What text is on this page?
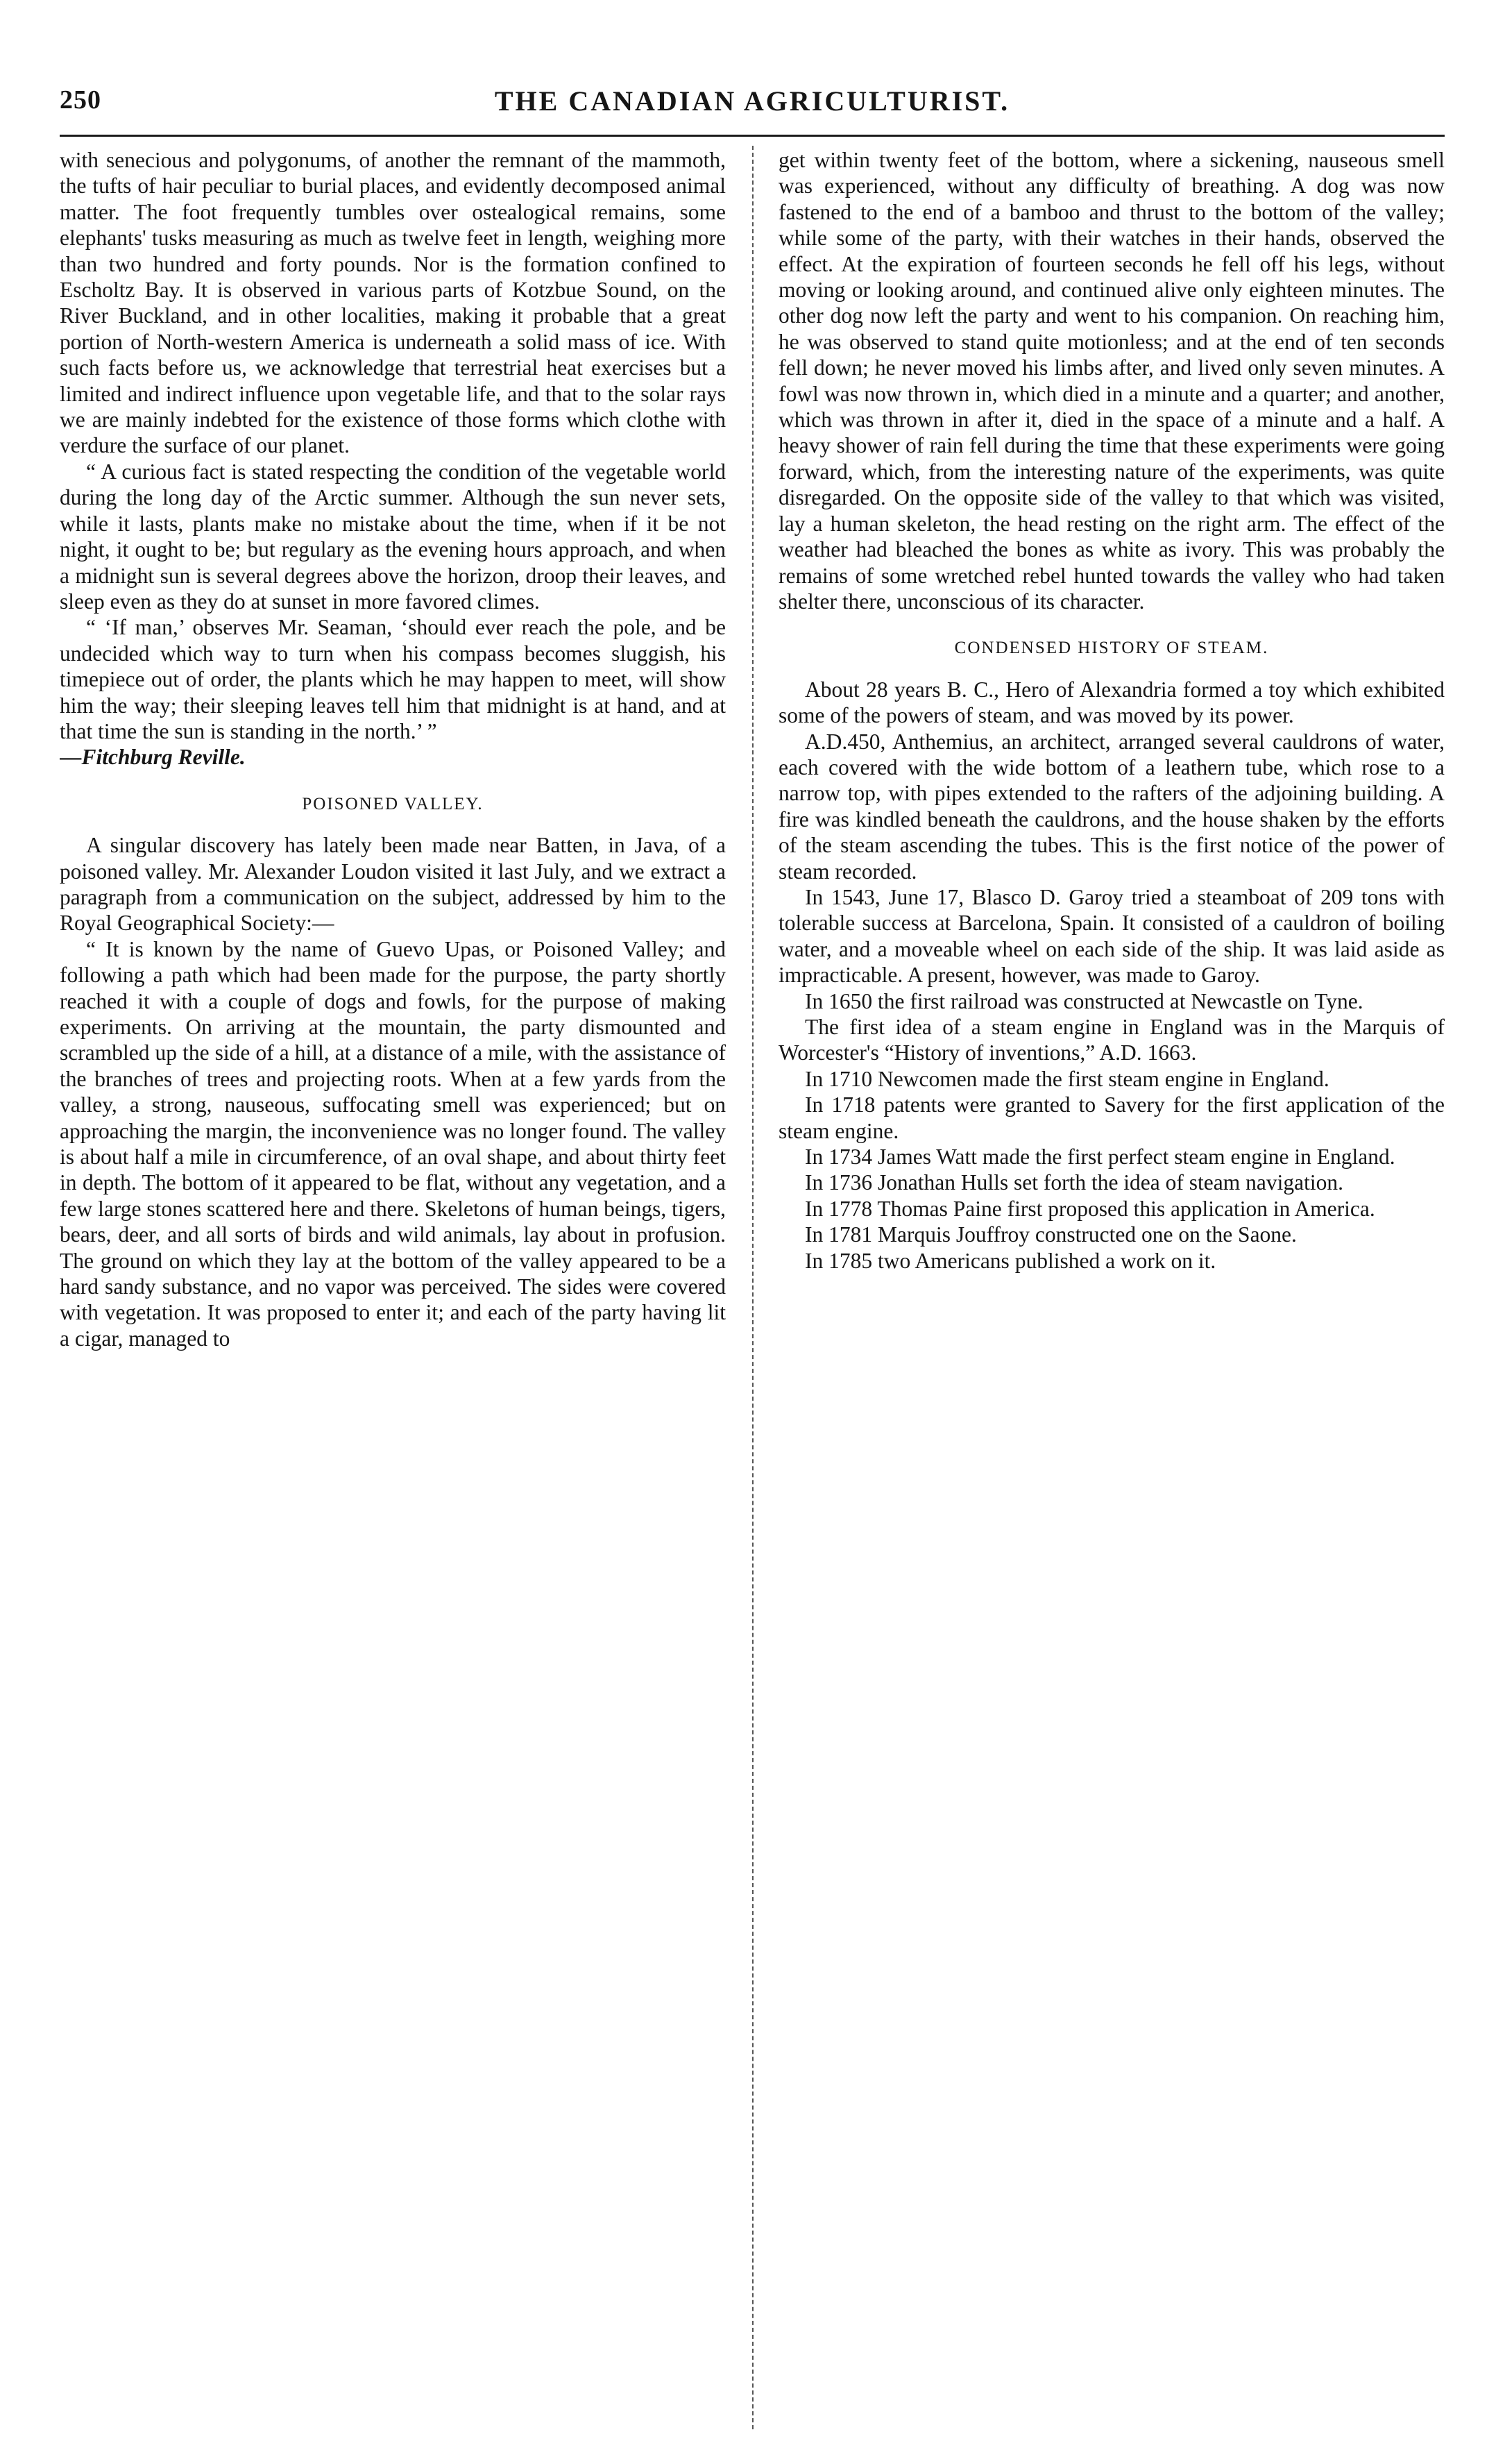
250	THE CANADIAN AGRICULTURIST.

with senecious and polygonums, of another the remnant of the mammoth, the tufts of hair peculiar to burial places, and evidently decomposed animal matter. The foot frequently tumbles over ostealogical remains, some elephants' tusks measuring as much as twelve feet in length, weighing more than two hundred and forty pounds. Nor is the formation confined to Escholtz Bay. It is observed in various parts of Kotzbue Sound, on the River Buckland, and in other localities, making it probable that a great portion of North-western America is underneath a solid mass of ice. With such facts before us, we acknowledge that terrestrial heat exercises but a limited and indirect influence upon vegetable life, and that to the solar rays we are mainly indebted for the existence of those forms which clothe with verdure the surface of our planet.

“ A curious fact is stated respecting the condition of the vegetable world during the long day of the Arctic summer. Although the sun never sets, while it lasts, plants make no mistake about the time, when if it be not night, it ought to be; but regulary as the evening hours approach, and when a midnight sun is several degrees above the horizon, droop their leaves, and sleep even as they do at sunset in more favored climes.

“ ‘If man,’ observes Mr. Seaman, ‘should ever reach the pole, and be undecided which way to turn when his compass becomes sluggish, his timepiece out of order, the plants which he may happen to meet, will show him the way; their sleeping leaves tell him that midnight is at hand, and at that time the sun is standing in the north.’ ”

—Fitchburg Reville.

POISONED VALLEY.

A singular discovery has lately been made near Batten, in Java, of a poisoned valley. Mr. Alexander Loudon visited it last July, and we extract a paragraph from a communication on the subject, addressed by him to the Royal Geographical Society:—

“ It is known by the name of Guevo Upas, or Poisoned Valley; and following a path which had been made for the purpose, the party shortly reached it with a couple of dogs and fowls, for the purpose of making experiments. On arriving at the mountain, the party dismounted and scrambled up the side of a hill, at a distance of a mile, with the assistance of the branches of trees and projecting roots. When at a few yards from the valley, a strong, nauseous, suffocating smell was experienced; but on approaching the margin, the inconvenience was no longer found. The valley is about half a mile in circumference, of an oval shape, and about thirty feet in depth. The bottom of it appeared to be flat, without any vegetation, and a few large stones scattered here and there. Skeletons of human beings, tigers, bears, deer, and all sorts of birds and wild animals, lay about in profusion. The ground on which they lay at the bottom of the valley appeared to be a hard sandy substance, and no vapor was perceived. The sides were covered with vegetation. It was proposed to enter it; and each of the party having lit a cigar, managed to

get within twenty feet of the bottom, where a sickening, nauseous smell was experienced, without any difficulty of breathing. A dog was now fastened to the end of a bamboo and thrust to the bottom of the valley; while some of the party, with their watches in their hands, observed the effect. At the expiration of fourteen seconds he fell off his legs, without moving or looking around, and continued alive only eighteen minutes. The other dog now left the party and went to his companion. On reaching him, he was observed to stand quite motionless; and at the end of ten seconds fell down; he never moved his limbs after, and lived only seven minutes. A fowl was now thrown in, which died in a minute and a quarter; and another, which was thrown in after it, died in the space of a minute and a half. A heavy shower of rain fell during the time that these experiments were going forward, which, from the interesting nature of the experiments, was quite disregarded. On the opposite side of the valley to that which was visited, lay a human skeleton, the head resting on the right arm. The effect of the weather had bleached the bones as white as ivory. This was probably the remains of some wretched rebel hunted towards the valley who had taken shelter there, unconscious of its character.

CONDENSED HISTORY OF STEAM.

About 28 years B. C., Hero of Alexandria formed a toy which exhibited some of the powers of steam, and was moved by its power.

A.D.450, Anthemius, an architect, arranged several cauldrons of water, each covered with the wide bottom of a leathern tube, which rose to a narrow top, with pipes extended to the rafters of the adjoining building. A fire was kindled beneath the cauldrons, and the house shaken by the efforts of the steam ascending the tubes. This is the first notice of the power of steam recorded.

In 1543, June 17, Blasco D. Garoy tried a steamboat of 209 tons with tolerable success at Barcelona, Spain. It consisted of a cauldron of boiling water, and a moveable wheel on each side of the ship. It was laid aside as impracticable. A present, however, was made to Garoy.

In 1650 the first railroad was constructed at Newcastle on Tyne.

The first idea of a steam engine in England was in the Marquis of Worcester's “History of inventions,” A.D. 1663.

In 1710 Newcomen made the first steam engine in England.

In 1718 patents were granted to Savery for the first application of the steam engine.

In 1734 James Watt made the first perfect steam engine in England.

In 1736 Jonathan Hulls set forth the idea of steam navigation.

In 1778 Thomas Paine first proposed this application in America.

In 1781 Marquis Jouffroy constructed one on the Saone.

In 1785 two Americans published a work on it.
